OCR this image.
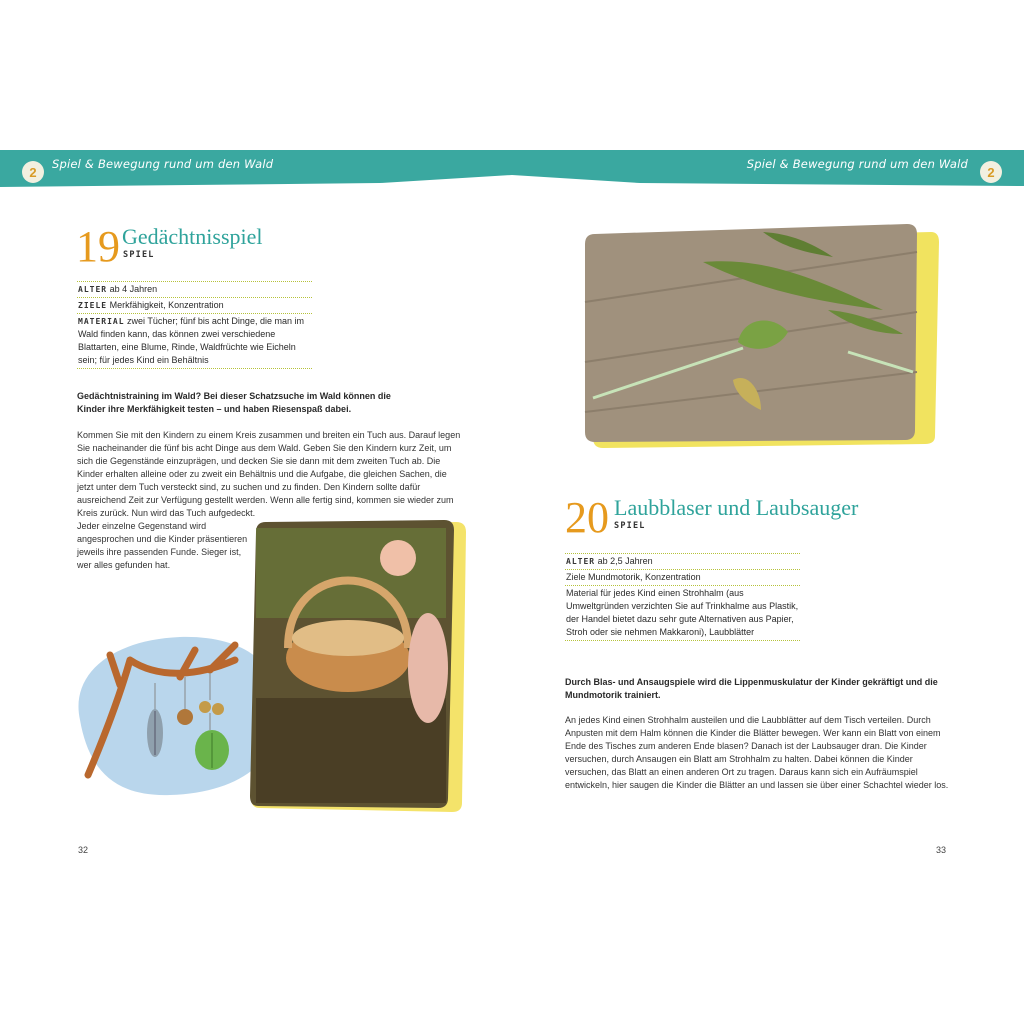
2
Spiel & Bewegung rund um den Wald	Spiel & Bewegung rund um den Wald
2
19 Gedächtnisspiel
SPIEL
ALTER ab 4 Jahren
ZIELE Merkfähigkeit, Konzentration
MATERIAL zwei Tücher; fünf bis acht Dinge, die man im Wald finden kann, das können zwei verschiedene Blattarten, eine Blume, Rinde, Waldfrüchte wie Eicheln sein; für jedes Kind ein Behältnis
Gedächtnistraining im Wald? Bei dieser Schatzsuche im Wald können die Kinder ihre Merkfähigkeit testen – und haben Riesenspaß dabei.
Kommen Sie mit den Kindern zu einem Kreis zusammen und breiten ein Tuch aus. Darauf legen Sie nacheinander die fünf bis acht Dinge aus dem Wald. Geben Sie den Kindern kurz Zeit, um sich die Gegenstände einzuprägen, und decken Sie sie dann mit dem zweiten Tuch ab. Die Kinder erhalten alleine oder zu zweit ein Behältnis und die Aufgabe, die gleichen Sachen, die jetzt unter dem Tuch versteckt sind, zu suchen und zu finden. Den Kindern sollte dafür ausreichend Zeit zur Verfügung gestellt werden. Wenn alle fertig sind, kommen sie wieder zum Kreis zurück. Nun wird das Tuch aufgedeckt.
Jeder einzelne Gegenstand wird angesprochen und die Kinder präsentieren jeweils ihre passenden Funde. Sieger ist, wer alles gefunden hat.
32
20 Laubblaser und Laubsauger
SPIEL
ALTER ab 2,5 Jahren
Ziele Mundmotorik, Konzentration
Material für jedes Kind einen Strohhalm (aus Umweltgründen verzichten Sie auf Trinkhalme aus Plastik, der Handel bietet dazu sehr gute Alternativen aus Papier, Stroh oder sie nehmen Makkaroni), Laubblätter
Durch Blas- und Ansaugspiele wird die Lippenmuskulatur der Kinder gekräftigt und die Mundmotorik trainiert.
An jedes Kind einen Strohhalm austeilen und die Laubblätter auf dem Tisch verteilen. Durch Anpusten mit dem Halm können die Kinder die Blätter bewegen. Wer kann ein Blatt von einem Ende des Tisches zum anderen Ende blasen? Danach ist der Laubsauger dran. Die Kinder versuchen, durch Ansaugen ein Blatt am Strohhalm zu halten. Dabei können die Kinder versuchen, das Blatt an einen anderen Ort zu tragen. Daraus kann sich ein Aufräumspiel entwickeln, hier saugen die Kinder die Blätter an und lassen sie über einer Schachtel wieder los.
33
